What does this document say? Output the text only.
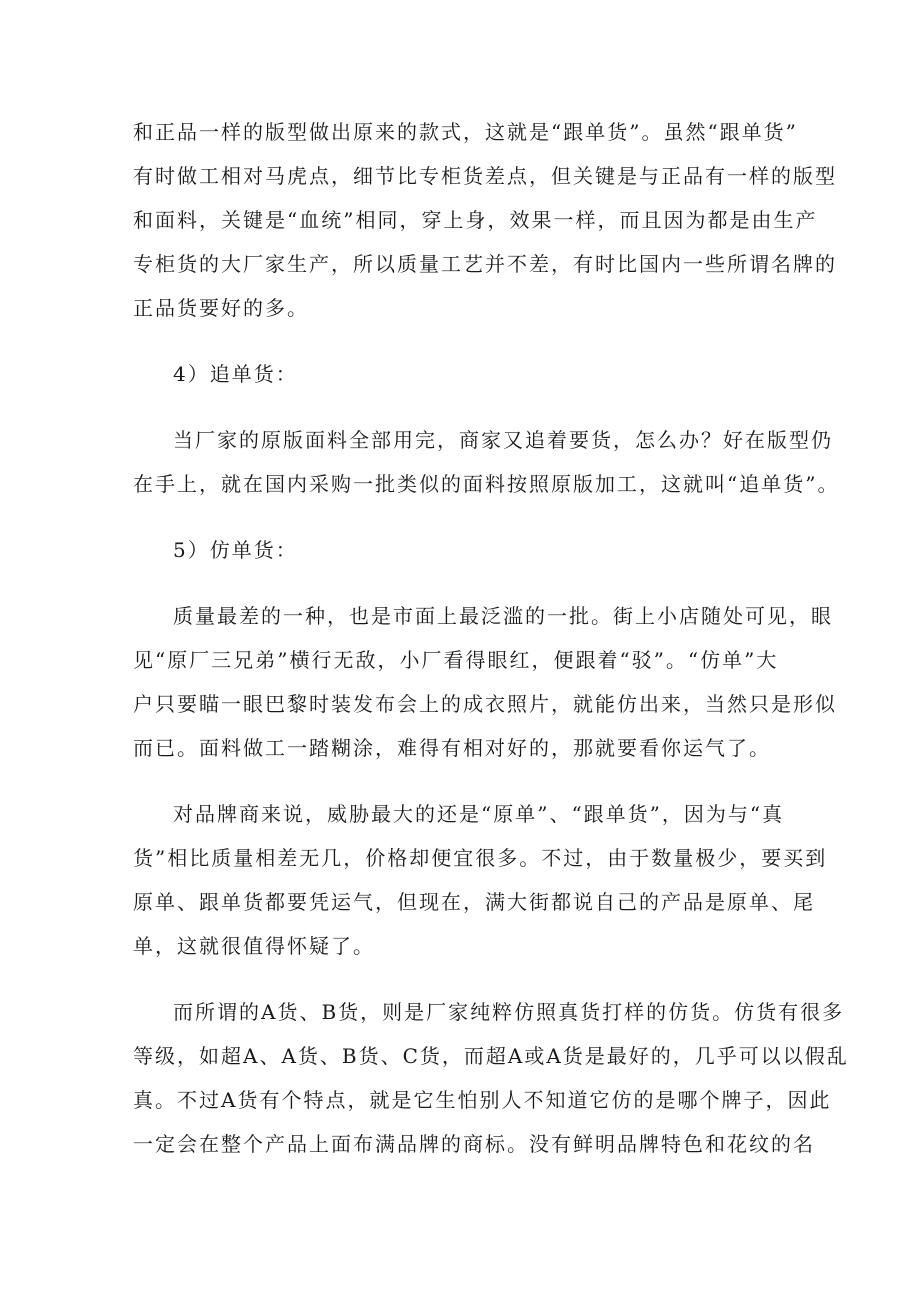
和正品一样的版型做出原来的款式，这就是“跟单货”。虽然“跟单货”
有时做工相对马虎点，细节比专柜货差点，但关键是与正品有一样的版型
和面料，关键是“血统”相同，穿上身，效果一样，而且因为都是由生产
专柜货的大厂家生产，所以质量工艺并不差，有时比国内一些所谓名牌的
正品货要好的多。
4）追单货：
当厂家的原版面料全部用完，商家又追着要货，怎么办？好在版型仍
在手上，就在国内采购一批类似的面料按照原版加工，这就叫“追单货”。
5）仿单货：
质量最差的一种，也是市面上最泛滥的一批。街上小店随处可见，眼
见“原厂三兄弟”横行无敌，小厂看得眼红，便跟着“驳”。“仿单”大
户只要瞄一眼巴黎时装发布会上的成衣照片，就能仿出来，当然只是形似
而已。面料做工一踏糊涂，难得有相对好的，那就要看你运气了。
对品牌商来说，威胁最大的还是“原单”、“跟单货”，因为与“真
货”相比质量相差无几，价格却便宜很多。不过，由于数量极少，要买到
原单、跟单货都要凭运气，但现在，满大街都说自己的产品是原单、尾
单，这就很值得怀疑了。
而所谓的A货、B货，则是厂家纯粹仿照真货打样的仿货。仿货有很多
等级，如超A、A货、B货、C货，而超A或A货是最好的，几乎可以以假乱
真。不过A货有个特点，就是它生怕别人不知道它仿的是哪个牌子，因此
一定会在整个产品上面布满品牌的商标。没有鲜明品牌特色和花纹的名
